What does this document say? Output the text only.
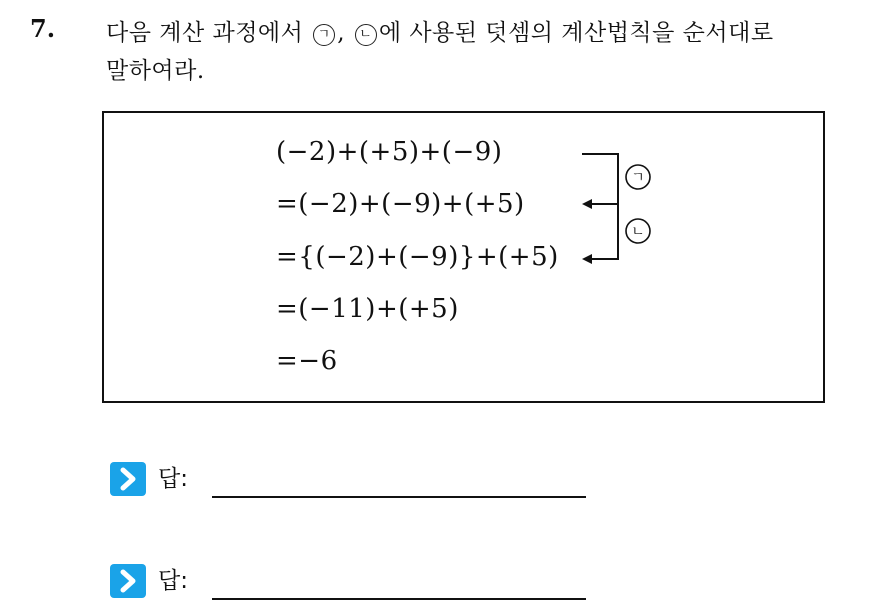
7. 다음 계산 과정에서 ㄱ , ㄴ 에 사용된 덧셈의 계산법칙을 순서대로
말하여라.
(−2)+(+5)+(−9)
=(−2)+(−9)+(+5)
={(−2)+(−9)}+(+5)
=(−11)+(+5)
=−6
ㄱ
ㄴ
답:
답:
